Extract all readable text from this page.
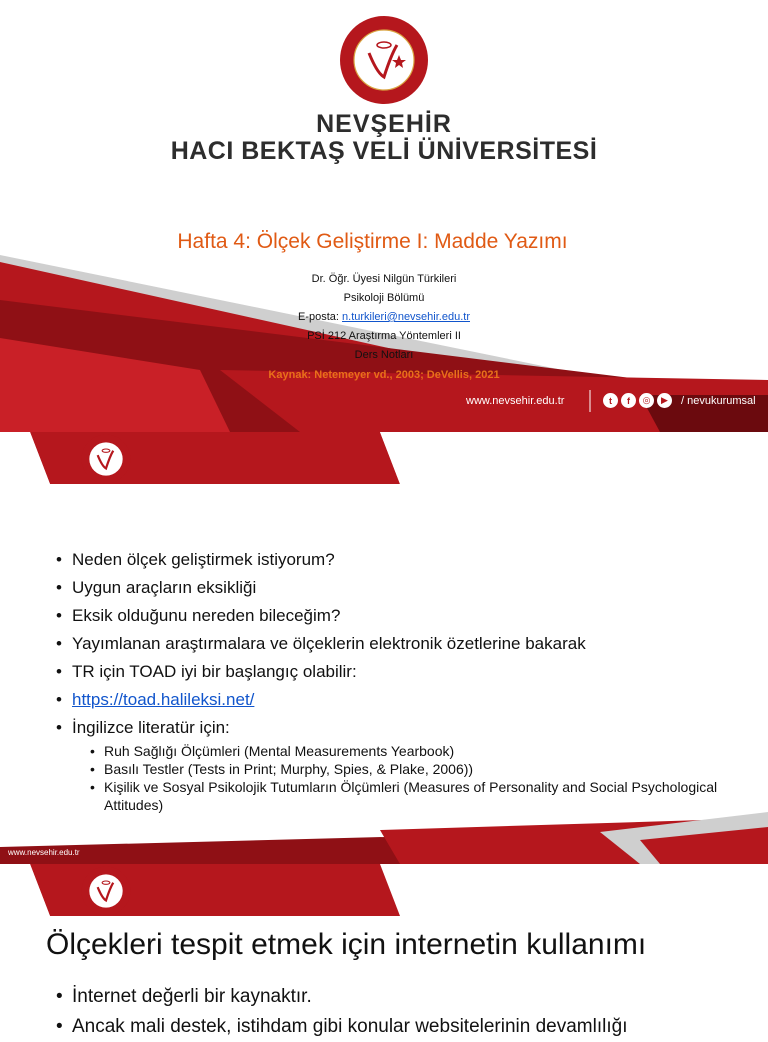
NEVŞEHİR
HACI BEKTAŞ VELİ ÜNİVERSİTESİ
Hafta 4: Ölçek Geliştirme I: Madde Yazımı
Dr. Öğr. Üyesi Nilgün Türkileri
Psikoloji Bölümü
E-posta: n.turkileri@nevsehir.edu.tr
PSİ 212 Araştırma Yöntemleri II
Ders Notları
Kaynak: Netemeyer vd., 2003; DeVellis, 2021
www.nevsehir.edu.tr	t	f	◎	▶	/ nevukurumsal
• Neden ölçek geliştirmek istiyorum?
• Uygun araçların eksikliği
• Eksik olduğunu nereden bileceğim?
• Yayımlanan araştırmalara ve ölçeklerin elektronik özetlerine bakarak
• TR için TOAD iyi bir başlangıç olabilir:
• https://toad.halileksi.net/
• İngilizce literatür için:
• Ruh Sağlığı Ölçümleri (Mental Measurements Yearbook)
• Basılı Testler (Tests in Print; Murphy, Spies, & Plake, 2006))
• Kişilik ve Sosyal Psikolojik Tutumların Ölçümleri (Measures of Personality and Social Psychological Attitudes)
www.nevsehir.edu.tr
Ölçekleri tespit etmek için internetin kullanımı
• İnternet değerli bir kaynaktır.
• Ancak mali destek, istihdam gibi konular websitelerinin devamlılığı
